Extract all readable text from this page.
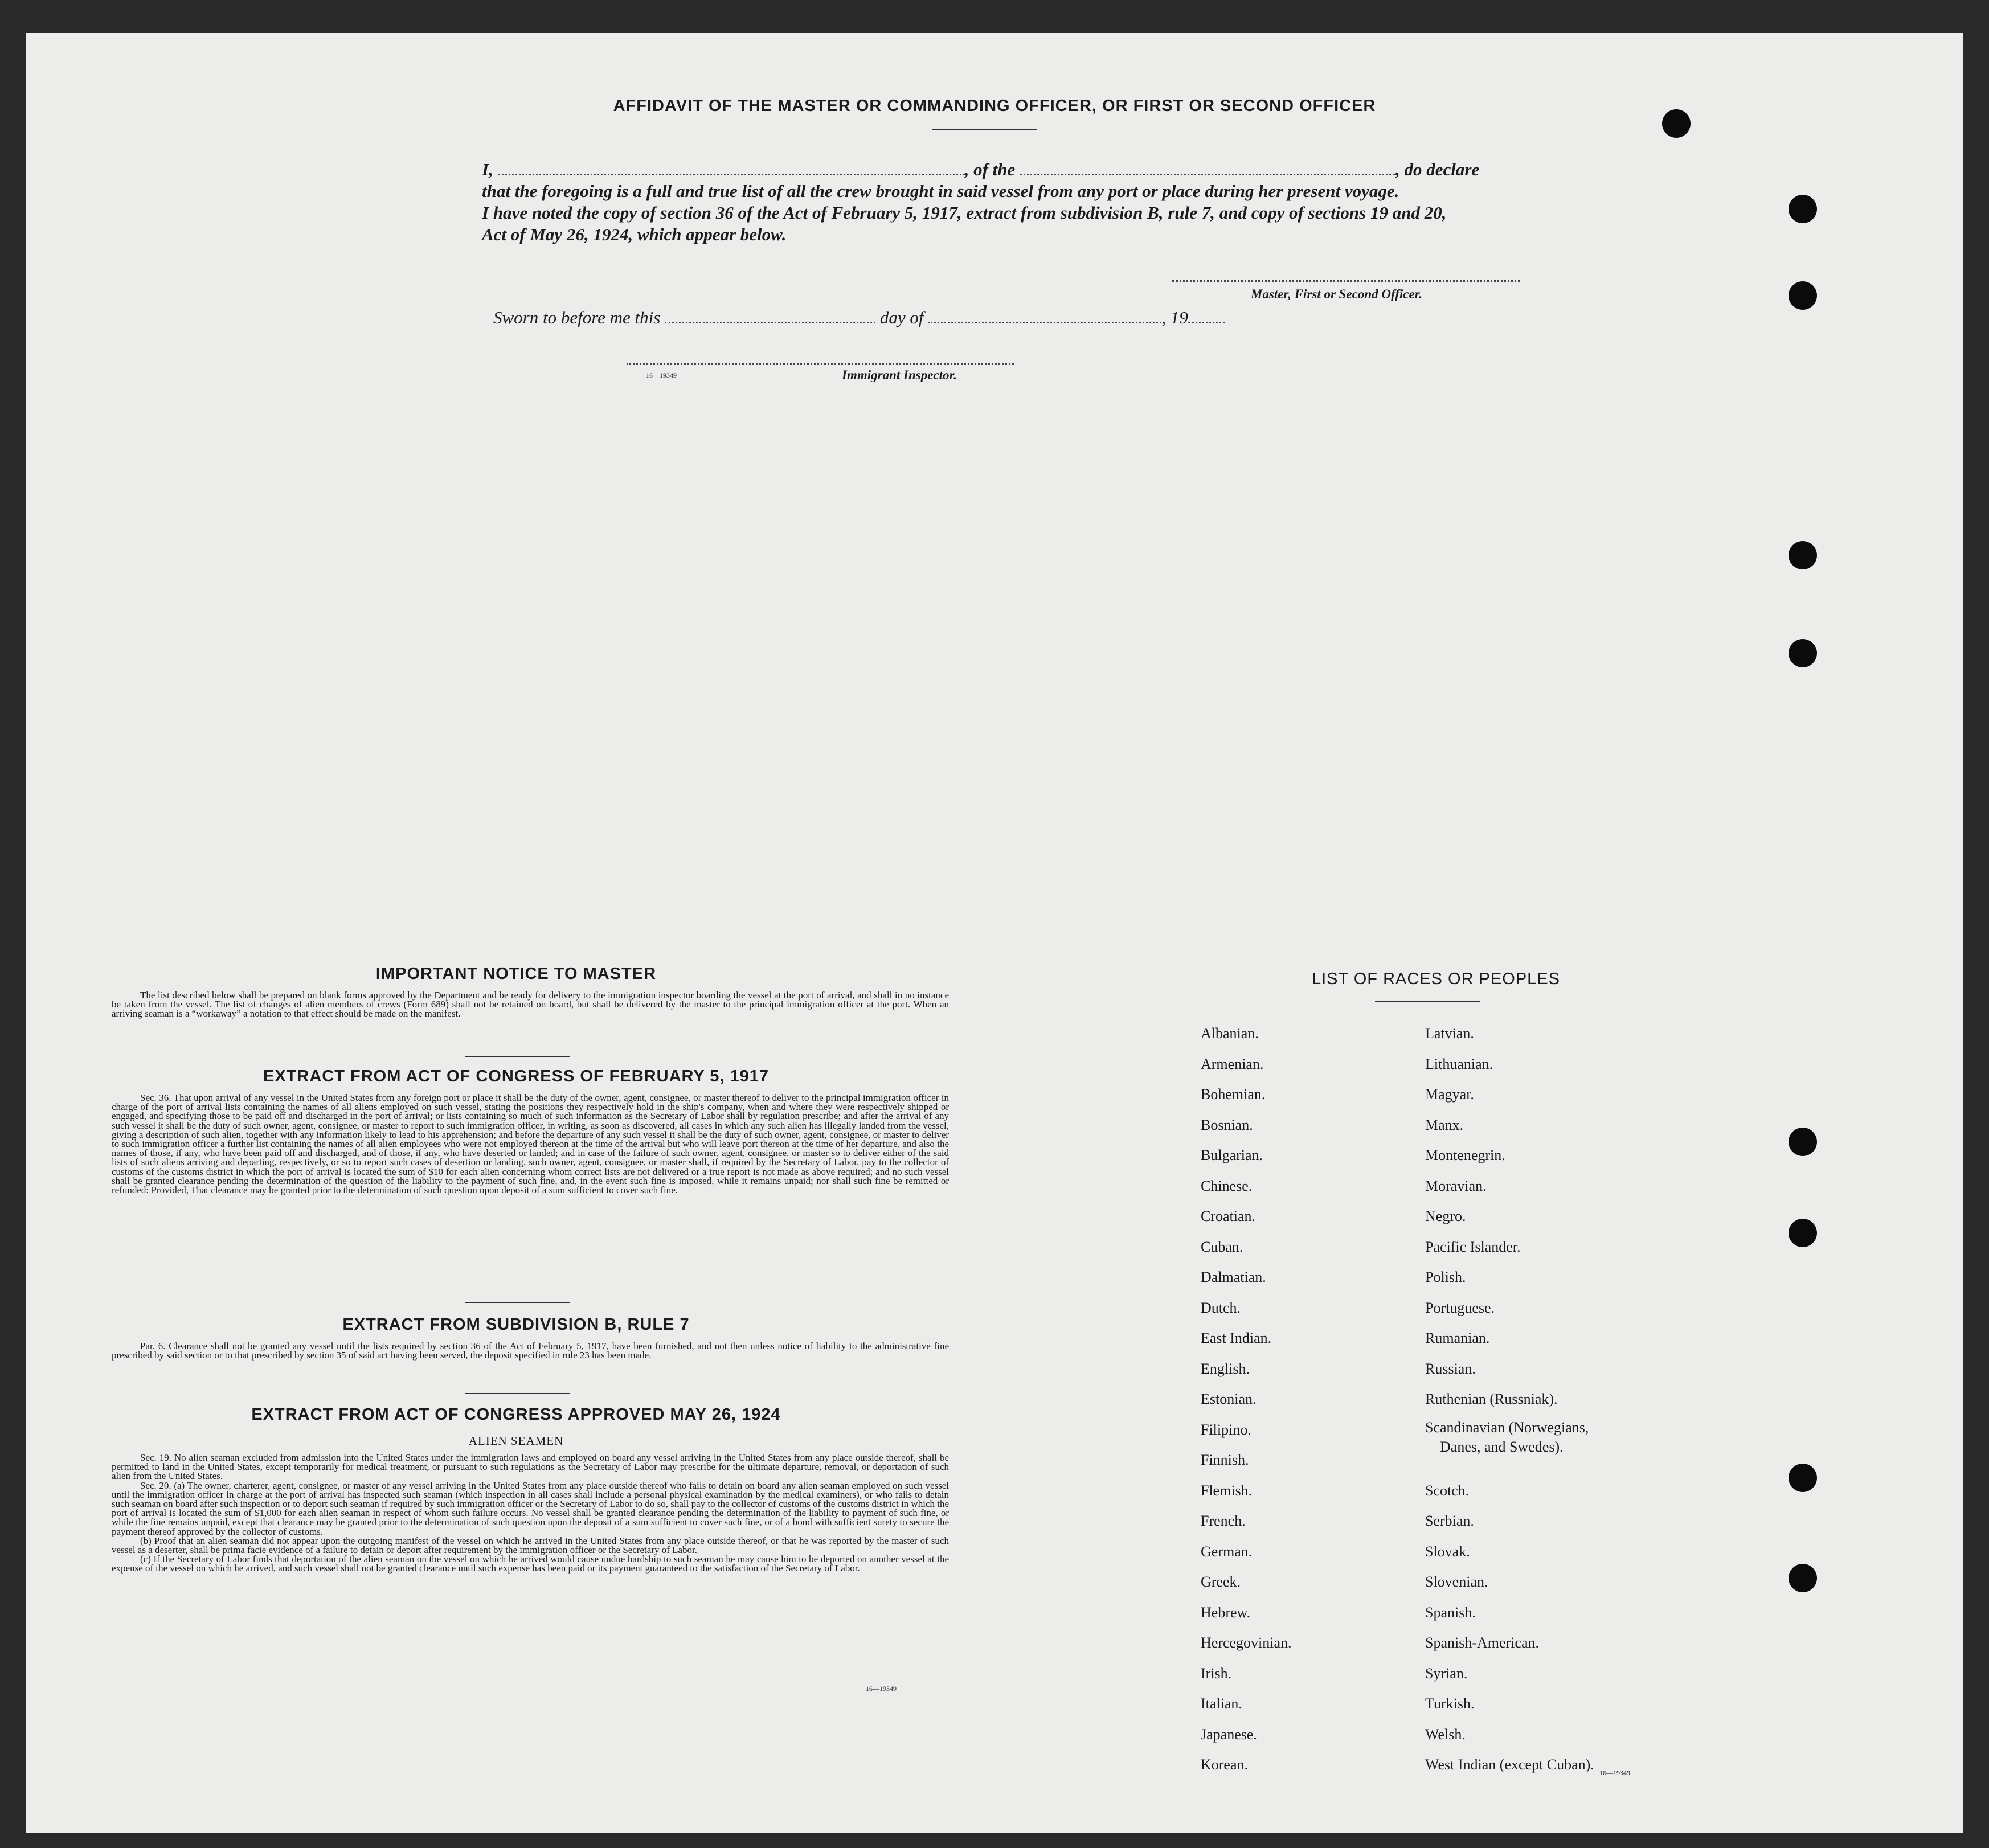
AFFIDAVIT OF THE MASTER OR COMMANDING OFFICER, OR FIRST OR SECOND OFFICER
I,	, of the	, do declare
that the foregoing is a full and true list of all the crew brought in said vessel from any port or place during her present voyage.
I have noted the copy of section 36 of the Act of February 5, 1917, extract from subdivision B, rule 7, and copy of sections 19 and 20,
Act of May 26, 1924, which appear below.
Master, First or Second Officer.
Sworn to before me this	day of	, 19
16—19349	Immigrant Inspector.
IMPORTANT NOTICE TO MASTER
The list described below shall be prepared on blank forms approved by the Department and be ready for delivery to the immigration inspector boarding the vessel at the port of arrival, and shall in no instance be taken from the vessel. The list of changes of alien members of crews (Form 689) shall not be retained on board, but shall be delivered by the master to the principal immigration officer at the port. When an arriving seaman is a “workaway” a notation to that effect should be made on the manifest.
EXTRACT FROM ACT OF CONGRESS OF FEBRUARY 5, 1917
Sec. 36. That upon arrival of any vessel in the United States from any foreign port or place it shall be the duty of the owner, agent, consignee, or master thereof to deliver to the principal immigration officer in charge of the port of arrival lists containing the names of all aliens employed on such vessel, stating the positions they respectively hold in the ship's company, when and where they were respectively shipped or engaged, and specifying those to be paid off and discharged in the port of arrival; or lists containing so much of such information as the Secretary of Labor shall by regulation prescribe; and after the arrival of any such vessel it shall be the duty of such owner, agent, consignee, or master to report to such immigration officer, in writing, as soon as discovered, all cases in which any such alien has illegally landed from the vessel, giving a description of such alien, together with any information likely to lead to his apprehension; and before the departure of any such vessel it shall be the duty of such owner, agent, consignee, or master to deliver to such immigration officer a further list containing the names of all alien employees who were not employed thereon at the time of the arrival but who will leave port thereon at the time of her departure, and also the names of those, if any, who have been paid off and discharged, and of those, if any, who have deserted or landed; and in case of the failure of such owner, agent, consignee, or master so to deliver either of the said lists of such aliens arriving and departing, respectively, or so to report such cases of desertion or landing, such owner, agent, consignee, or master shall, if required by the Secretary of Labor, pay to the collector of customs of the customs district in which the port of arrival is located the sum of $10 for each alien concerning whom correct lists are not delivered or a true report is not made as above required; and no such vessel shall be granted clearance pending the determination of the question of the liability to the payment of such fine, and, in the event such fine is imposed, while it remains unpaid; nor shall such fine be remitted or refunded: Provided, That clearance may be granted prior to the determination of such question upon deposit of a sum sufficient to cover such fine.
EXTRACT FROM SUBDIVISION B, RULE 7
Par. 6. Clearance shall not be granted any vessel until the lists required by section 36 of the Act of February 5, 1917, have been furnished, and not then unless notice of liability to the administrative fine prescribed by said section or to that prescribed by section 35 of said act having been served, the deposit specified in rule 23 has been made.
EXTRACT FROM ACT OF CONGRESS APPROVED MAY 26, 1924
ALIEN SEAMEN

Sec. 19. No alien seaman excluded from admission into the United States under the immigration laws and employed on board any vessel arriving in the United States from any place outside thereof, shall be permitted to land in the United States, except temporarily for medical treatment, or pursuant to such regulations as the Secretary of Labor may prescribe for the ultimate departure, removal, or deportation of such alien from the United States.

Sec. 20. (a) The owner, charterer, agent, consignee, or master of any vessel arriving in the United States from any place outside thereof who fails to detain on board any alien seaman employed on such vessel until the immigration officer in charge at the port of arrival has inspected such seaman (which inspection in all cases shall include a personal physical examination by the medical examiners), or who fails to detain such seaman on board after such inspection or to deport such seaman if required by such immigration officer or the Secretary of Labor to do so, shall pay to the collector of customs of the customs district in which the port of arrival is located the sum of $1,000 for each alien seaman in respect of whom such failure occurs. No vessel shall be granted clearance pending the determination of the liability to payment of such fine, or while the fine remains unpaid, except that clearance may be granted prior to the determination of such question upon the deposit of a sum sufficient to cover such fine, or of a bond with sufficient surety to secure the payment thereof approved by the collector of customs.

(b) Proof that an alien seaman did not appear upon the outgoing manifest of the vessel on which he arrived in the United States from any place outside thereof, or that he was reported by the master of such vessel as a deserter, shall be prima facie evidence of a failure to detain or deport after requirement by the immigration officer or the Secretary of Labor.

(c) If the Secretary of Labor finds that deportation of the alien seaman on the vessel on which he arrived would cause undue hardship to such seaman he may cause him to be deported on another vessel at the expense of the vessel on which he arrived, and such vessel shall not be granted clearance until such expense has been paid or its payment guaranteed to the satisfaction of the Secretary of Labor.

16—19349
LIST OF RACES OR PEOPLES
Albanian.
Armenian.
Bohemian.
Bosnian.
Bulgarian.
Chinese.
Croatian.
Cuban.
Dalmatian.
Dutch.
East Indian.
English.
Estonian.
Filipino.
Finnish.
Flemish.
French.
German.
Greek.
Hebrew.
Hercegovinian.
Irish.
Italian.
Japanese.
Korean.
Latvian.
Lithuanian.
Magyar.
Manx.
Montenegrin.
Moravian.
Negro.
Pacific Islander.
Polish.
Portuguese.
Rumanian.
Russian.
Ruthenian (Russniak).
Scandinavian (Norwegians,
Danes, and Swedes).
Scotch.
Serbian.
Slovak.
Slovenian.
Spanish.
Spanish-American.
Syrian.
Turkish.
Welsh.
West Indian (except Cuban). 16—19349
